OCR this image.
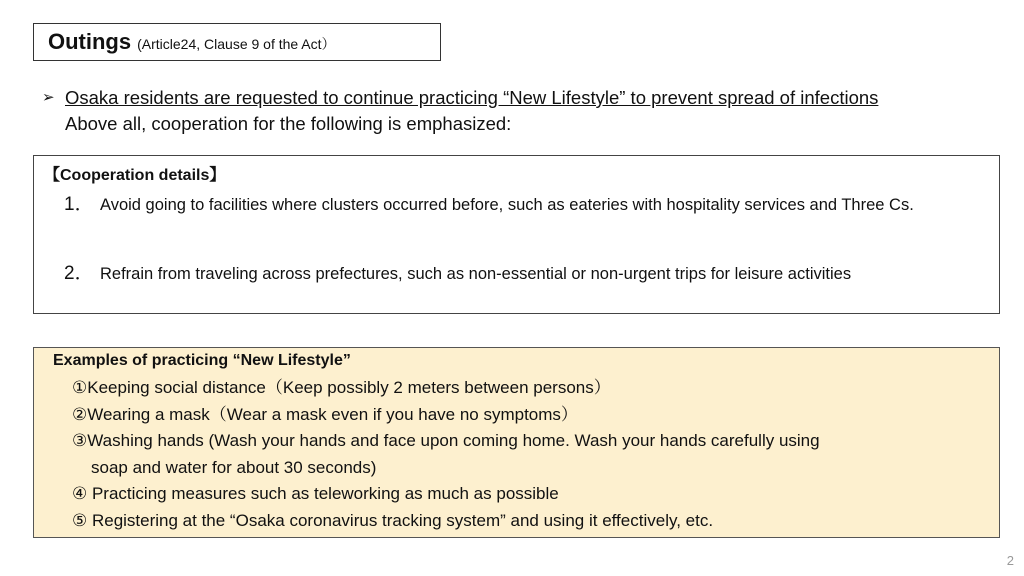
Outings (Article24, Clause 9 of the Act）
➢ Osaka residents are requested to continue practicing “New Lifestyle” to prevent spread of infections
Above all, cooperation for the following is emphasized:
【Cooperation details】
1． Avoid going to facilities where clusters occurred before, such as eateries with hospitality services and Three Cs.
2． Refrain from traveling across prefectures, such as non-essential or non-urgent trips for leisure activities
Examples of practicing “New Lifestyle”
①Keeping social distance（Keep possibly 2 meters between persons）
②Wearing a mask（Wear a mask even if you have no symptoms）
③Washing hands (Wash your hands and face upon coming home. Wash your hands carefully using
soap and water for about 30 seconds)
④ Practicing measures such as teleworking as much as possible
⑤ Registering at the “Osaka coronavirus tracking system” and using it effectively, etc.
2
